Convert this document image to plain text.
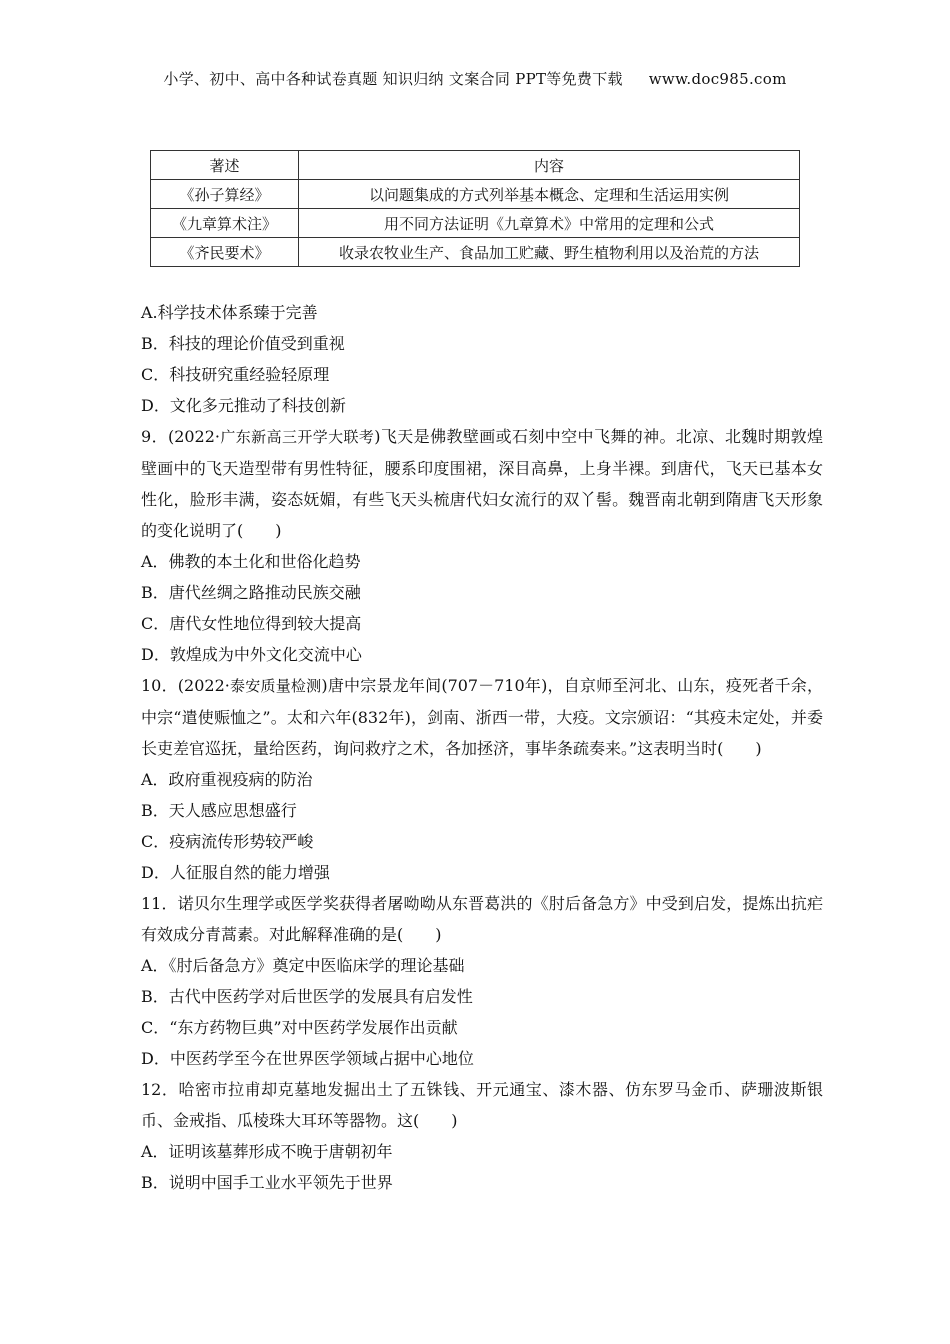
小学、初中、高中各种试卷真题 知识归纳 文案合同 PPT等免费下载 www.doc985.com
著述	内容
《孙子算经》	以问题集成的方式列举基本概念、定理和生活运用实例
《九章算术注》	用不同方法证明《九章算术》中常用的定理和公式
《齐民要术》	收录农牧业生产、食品加工贮藏、野生植物利用以及治荒的方法

A.科学技术体系臻于完善

B．科技的理论价值受到重视

C．科技研究重经验轻原理

D．文化多元推动了科技创新

9．(2022·广东新高三开学大联考)飞天是佛教壁画或石刻中空中飞舞的神。北凉、北魏时期敦煌壁画中的飞天造型带有男性特征，腰系印度围裙，深目高鼻，上身半裸。到唐代，飞天已基本女性化，脸形丰满，姿态妩媚，有些飞天头梳唐代妇女流行的双丫髻。魏晋南北朝到隋唐飞天形象的变化说明了(　　)

A．佛教的本土化和世俗化趋势

B．唐代丝绸之路推动民族交融

C．唐代女性地位得到较大提高

D．敦煌成为中外文化交流中心

10．(2022·泰安质量检测)唐中宗景龙年间(707－710年)，自京师至河北、山东，疫死者千余，中宗“遣使赈恤之”。太和六年(832年)，剑南、浙西一带，大疫。文宗颁诏：“其疫未定处，并委长吏差官巡抚，量给医药，询问救疗之术，各加拯济，事毕条疏奏来。”这表明当时(　　)

A．政府重视疫病的防治

B．天人感应思想盛行

C．疫病流传形势较严峻

D．人征服自然的能力增强

11．诺贝尔生理学或医学奖获得者屠呦呦从东晋葛洪的《肘后备急方》中受到启发，提炼出抗疟有效成分青蒿素。对此解释准确的是(　　)

A．《肘后备急方》奠定中医临床学的理论基础

B．古代中医药学对后世医学的发展具有启发性

C．“东方药物巨典”对中医药学发展作出贡献

D．中医药学至今在世界医学领域占据中心地位

12．哈密市拉甫却克墓地发掘出土了五铢钱、开元通宝、漆木器、仿东罗马金币、萨珊波斯银币、金戒指、瓜棱珠大耳环等器物。这(　　)

A．证明该墓葬形成不晚于唐朝初年

B．说明中国手工业水平领先于世界
